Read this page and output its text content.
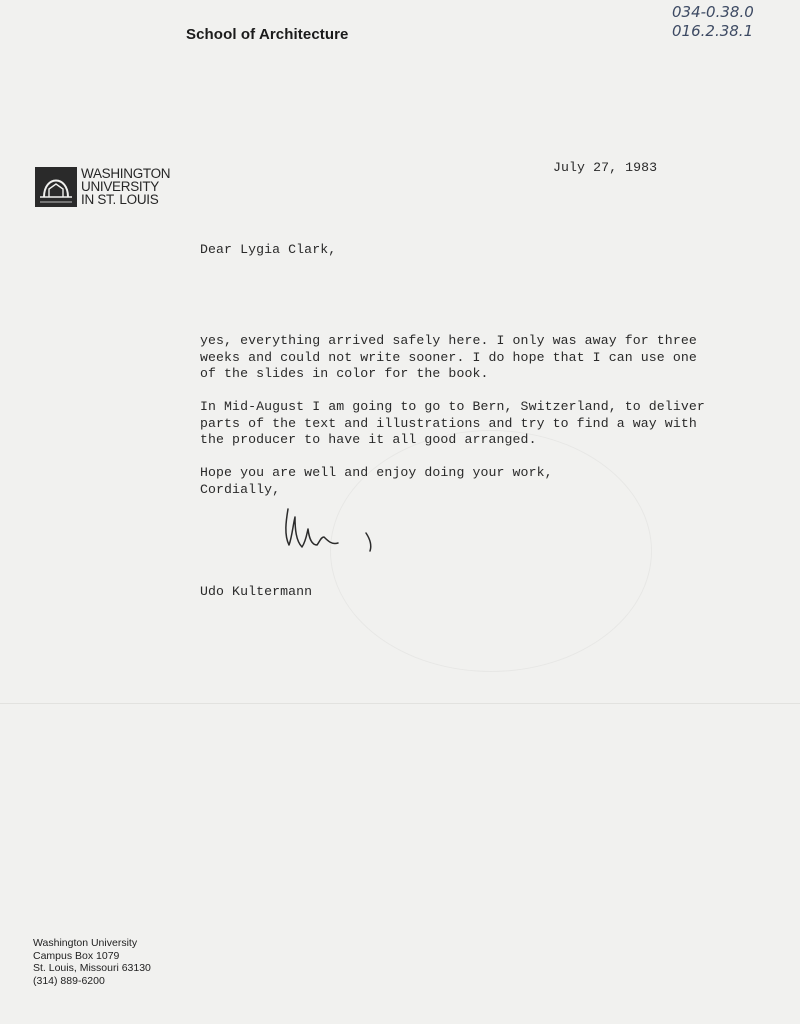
School of Architecture
034-0.38.0
016.2.38.1
WASHINGTON
UNIVERSITY
IN ST. LOUIS
July 27, 1983
Dear Lygia Clark,

yes, everything arrived safely here. I only was away for three
weeks and could not write sooner. I do hope that I can use one
of the slides in color for the book.

In Mid-August I am going to go to Bern, Switzerland, to deliver
parts of the text and illustrations and try to find a way with
the producer to have it all good arranged.

Hope you are well and enjoy doing your work,
Cordially,

Udo Kultermann
Washington University
Campus Box 1079
St. Louis, Missouri 63130
(314) 889-6200
